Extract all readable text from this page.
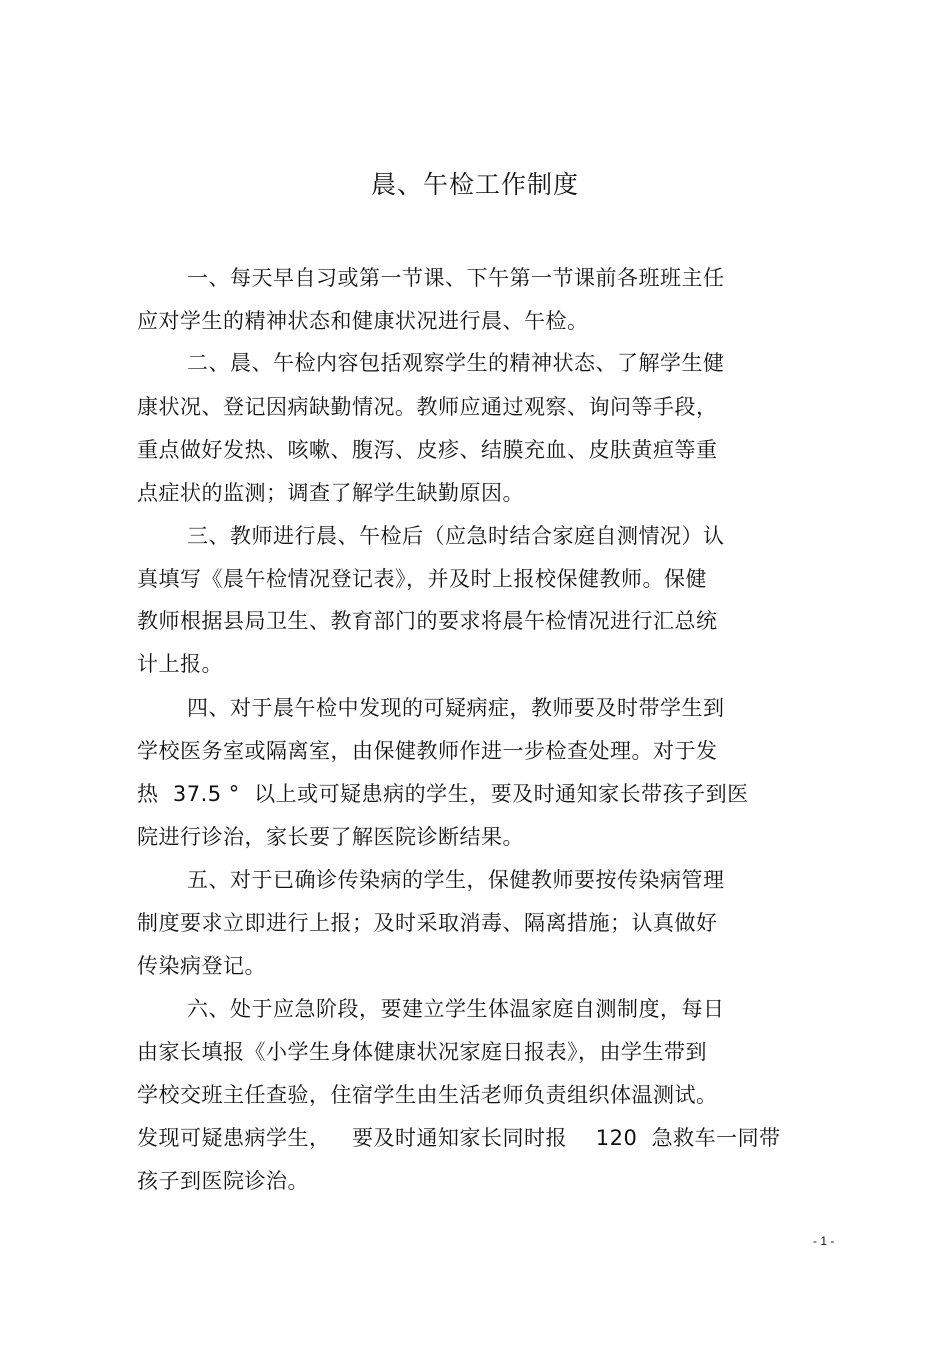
晨、午检工作制度
一、每天早自习或第一节课、下午第一节课前各班班主任
应对学生的精神状态和健康状况进行晨、午检。
二、晨、午检内容包括观察学生的精神状态、了解学生健
康状况、登记因病缺勤情况。教师应通过观察、询问等手段，
重点做好发热、咳嗽、腹泻、皮疹、结膜充血、皮肤黄疸等重
点症状的监测；调查了解学生缺勤原因。
三、教师进行晨、午检后（应急时结合家庭自测情况）认
真填写《晨午检情况登记表》，并及时上报校保健教师。保健
教师根据县局卫生、教育部门的要求将晨午检情况进行汇总统
计上报。
四、对于晨午检中发现的可疑病症，教师要及时带学生到
学校医务室或隔离室，由保健教师作进一步检查处理。对于发
热  37.5 °  以上或可疑患病的学生，要及时通知家长带孩子到医
院进行诊治，家长要了解医院诊断结果。
五、对于已确诊传染病的学生，保健教师要按传染病管理
制度要求立即进行上报；及时采取消毒、隔离措施；认真做好
传染病登记。
六、处于应急阶段，要建立学生体温家庭自测制度，每日
由家长填报《小学生身体健康状况家庭日报表》，由学生带到
学校交班主任查验，住宿学生由生活老师负责组织体温测试。
发现可疑患病学生，   要及时通知家长同时报    120  急救车一同带
孩子到医院诊治。
- 1 -
